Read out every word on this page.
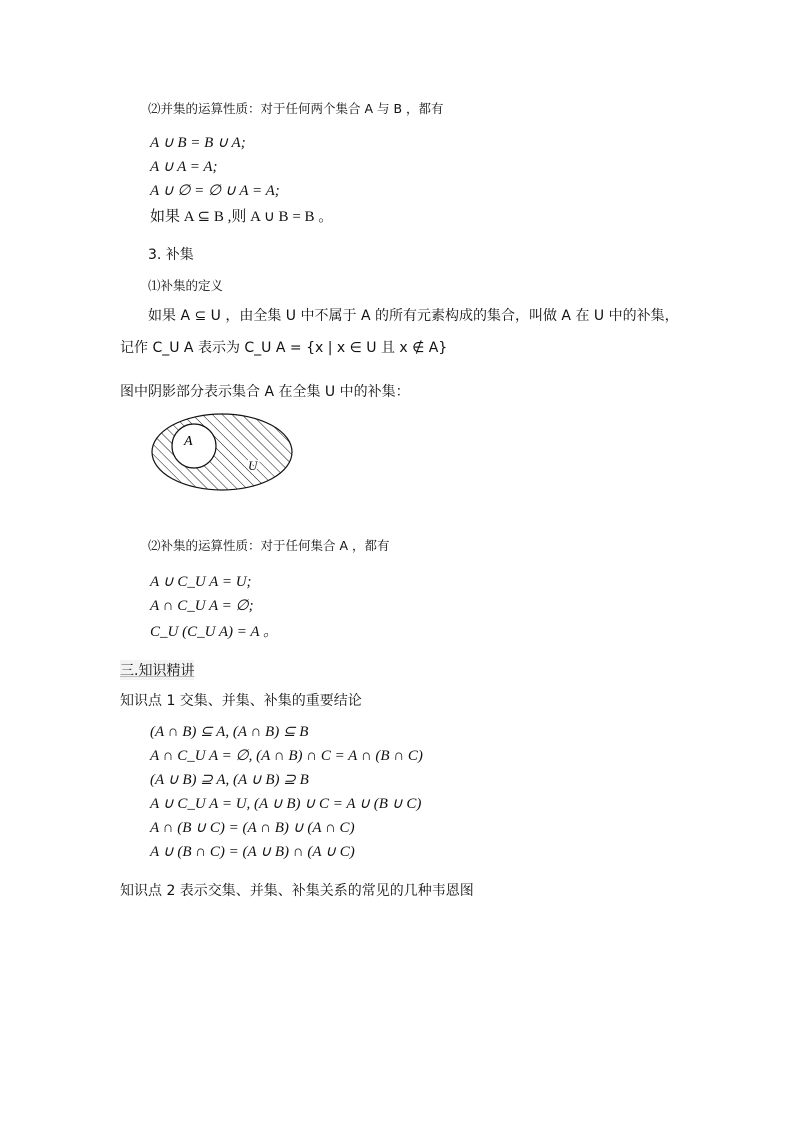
⑵并集的运算性质：对于任何两个集合 A 与 B ，都有
A ∪ B = B ∪ A;
A ∪ A = A;
A ∪ ∅ = ∅ ∪ A = A;
如果 A ⊆ B ,则 A ∪ B = B 。
3. 补集
⑴补集的定义
如果 A ⊆ U ，由全集 U 中不属于 A 的所有元素构成的集合，叫做 A 在 U 中的补集，
记作 C_U A 表示为 C_U A = {x | x ∈ U 且 x ∉ A}
图中阴影部分表示集合 A 在全集 U 中的补集：
A
U
⑵补集的运算性质：对于任何集合 A ，都有
A ∪ C_U A = U;
A ∩ C_U A = ∅;
C_U (C_U A) = A 。
三.知识精讲
知识点 1 交集、并集、补集的重要结论
(A ∩ B) ⊆ A, (A ∩ B) ⊆ B
A ∩ C_U A = ∅, (A ∩ B) ∩ C = A ∩ (B ∩ C)
(A ∪ B) ⊇ A, (A ∪ B) ⊇ B
A ∪ C_U A = U, (A ∪ B) ∪ C = A ∪ (B ∪ C)
A ∩ (B ∪ C) = (A ∩ B) ∪ (A ∩ C)
A ∪ (B ∩ C) = (A ∪ B) ∩ (A ∪ C)
知识点 2 表示交集、并集、补集关系的常见的几种韦恩图
